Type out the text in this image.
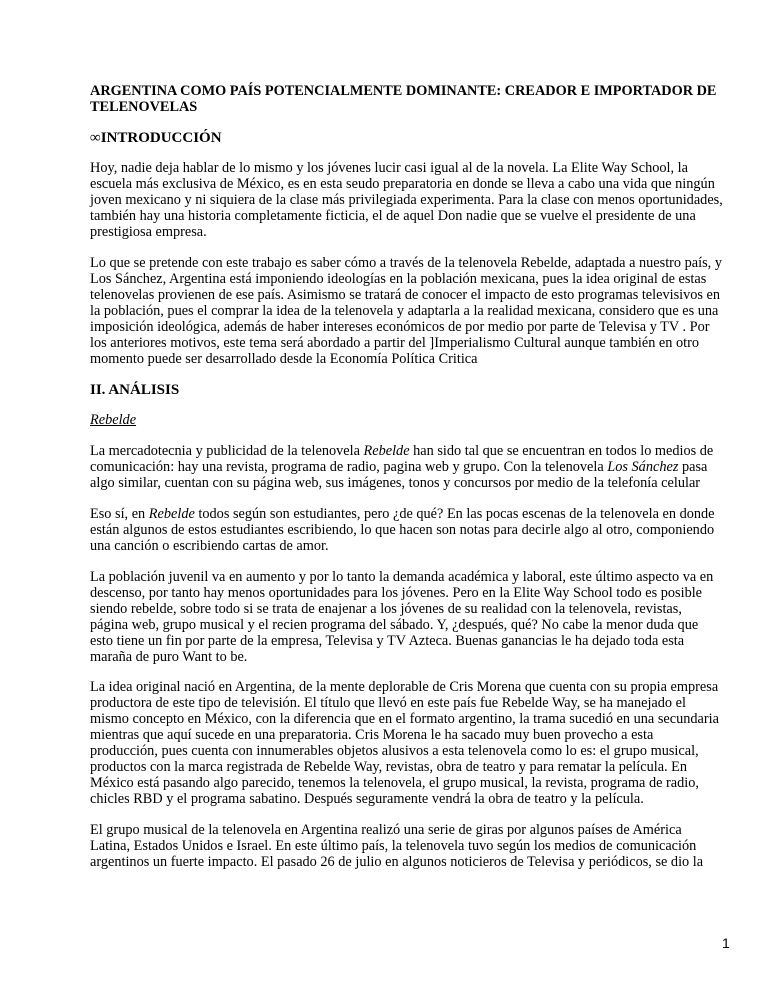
ARGENTINA COMO PAÍS POTENCIALMENTE DOMINANTE: CREADOR E IMPORTADOR DE
TELENOVELAS
∞INTRODUCCIÓN
Hoy, nadie deja hablar de lo mismo y los jóvenes lucir casi igual al de la novela. La Elite Way School, la
escuela más exclusiva de México, es en esta seudo preparatoria en donde se lleva a cabo una vida que ningún
joven mexicano y ni siquiera de la clase más privilegiada experimenta. Para la clase con menos oportunidades,
también hay una historia completamente ficticia, el de aquel Don nadie que se vuelve el presidente de una
prestigiosa empresa.
Lo que se pretende con este trabajo es saber cómo a través de la telenovela Rebelde, adaptada a nuestro país, y
Los Sánchez, Argentina está imponiendo ideologías en la población mexicana, pues la idea original de estas
telenovelas provienen de ese país. Asimismo se tratará de conocer el impacto de esto programas televisivos en
la población, pues el comprar la idea de la telenovela y adaptarla a la realidad mexicana, considero que es una
imposición ideológica, además de haber intereses económicos de por medio por parte de Televisa y TV . Por
los anteriores motivos, este tema será abordado a partir del ]Imperialismo Cultural aunque también en otro
momento puede ser desarrollado desde la Economía Política Critica
II. ANÁLISIS
Rebelde
La mercadotecnia y publicidad de la telenovela Rebelde han sido tal que se encuentran en todos lo medios de
comunicación: hay una revista, programa de radio, pagina web y grupo. Con la telenovela Los Sánchez pasa
algo similar, cuentan con su página web, sus imágenes, tonos y concursos por medio de la telefonía celular
Eso sí, en Rebelde todos según son estudiantes, pero ¿de qué? En las pocas escenas de la telenovela en donde
están algunos de estos estudiantes escribiendo, lo que hacen son notas para decirle algo al otro, componiendo
una canción o escribiendo cartas de amor.
La población juvenil va en aumento y por lo tanto la demanda académica y laboral, este último aspecto va en
descenso, por tanto hay menos oportunidades para los jóvenes. Pero en la Elite Way School todo es posible
siendo rebelde, sobre todo si se trata de enajenar a los jóvenes de su realidad con la telenovela, revistas,
página web, grupo musical y el recien programa del sábado. Y, ¿después, qué? No cabe la menor duda que
esto tiene un fin por parte de la empresa, Televisa y TV Azteca. Buenas ganancias le ha dejado toda esta
maraña de puro Want to be.
La idea original nació en Argentina, de la mente deplorable de Cris Morena que cuenta con su propia empresa
productora de este tipo de televisión. El título que llevó en este país fue Rebelde Way, se ha manejado el
mismo concepto en México, con la diferencia que en el formato argentino, la trama sucedió en una secundaria
mientras que aquí sucede en una preparatoria. Cris Morena le ha sacado muy buen provecho a esta
producción, pues cuenta con innumerables objetos alusivos a esta telenovela como lo es: el grupo musical,
productos con la marca registrada de Rebelde Way, revistas, obra de teatro y para rematar la película. En
México está pasando algo parecido, tenemos la telenovela, el grupo musical, la revista, programa de radio,
chicles RBD y el programa sabatino. Después seguramente vendrá la obra de teatro y la película.
El grupo musical de la telenovela en Argentina realizó una serie de giras por algunos países de América
Latina, Estados Unidos e Israel. En este último país, la telenovela tuvo según los medios de comunicación
argentinos un fuerte impacto. El pasado 26 de julio en algunos noticieros de Televisa y periódicos, se dio la
1
